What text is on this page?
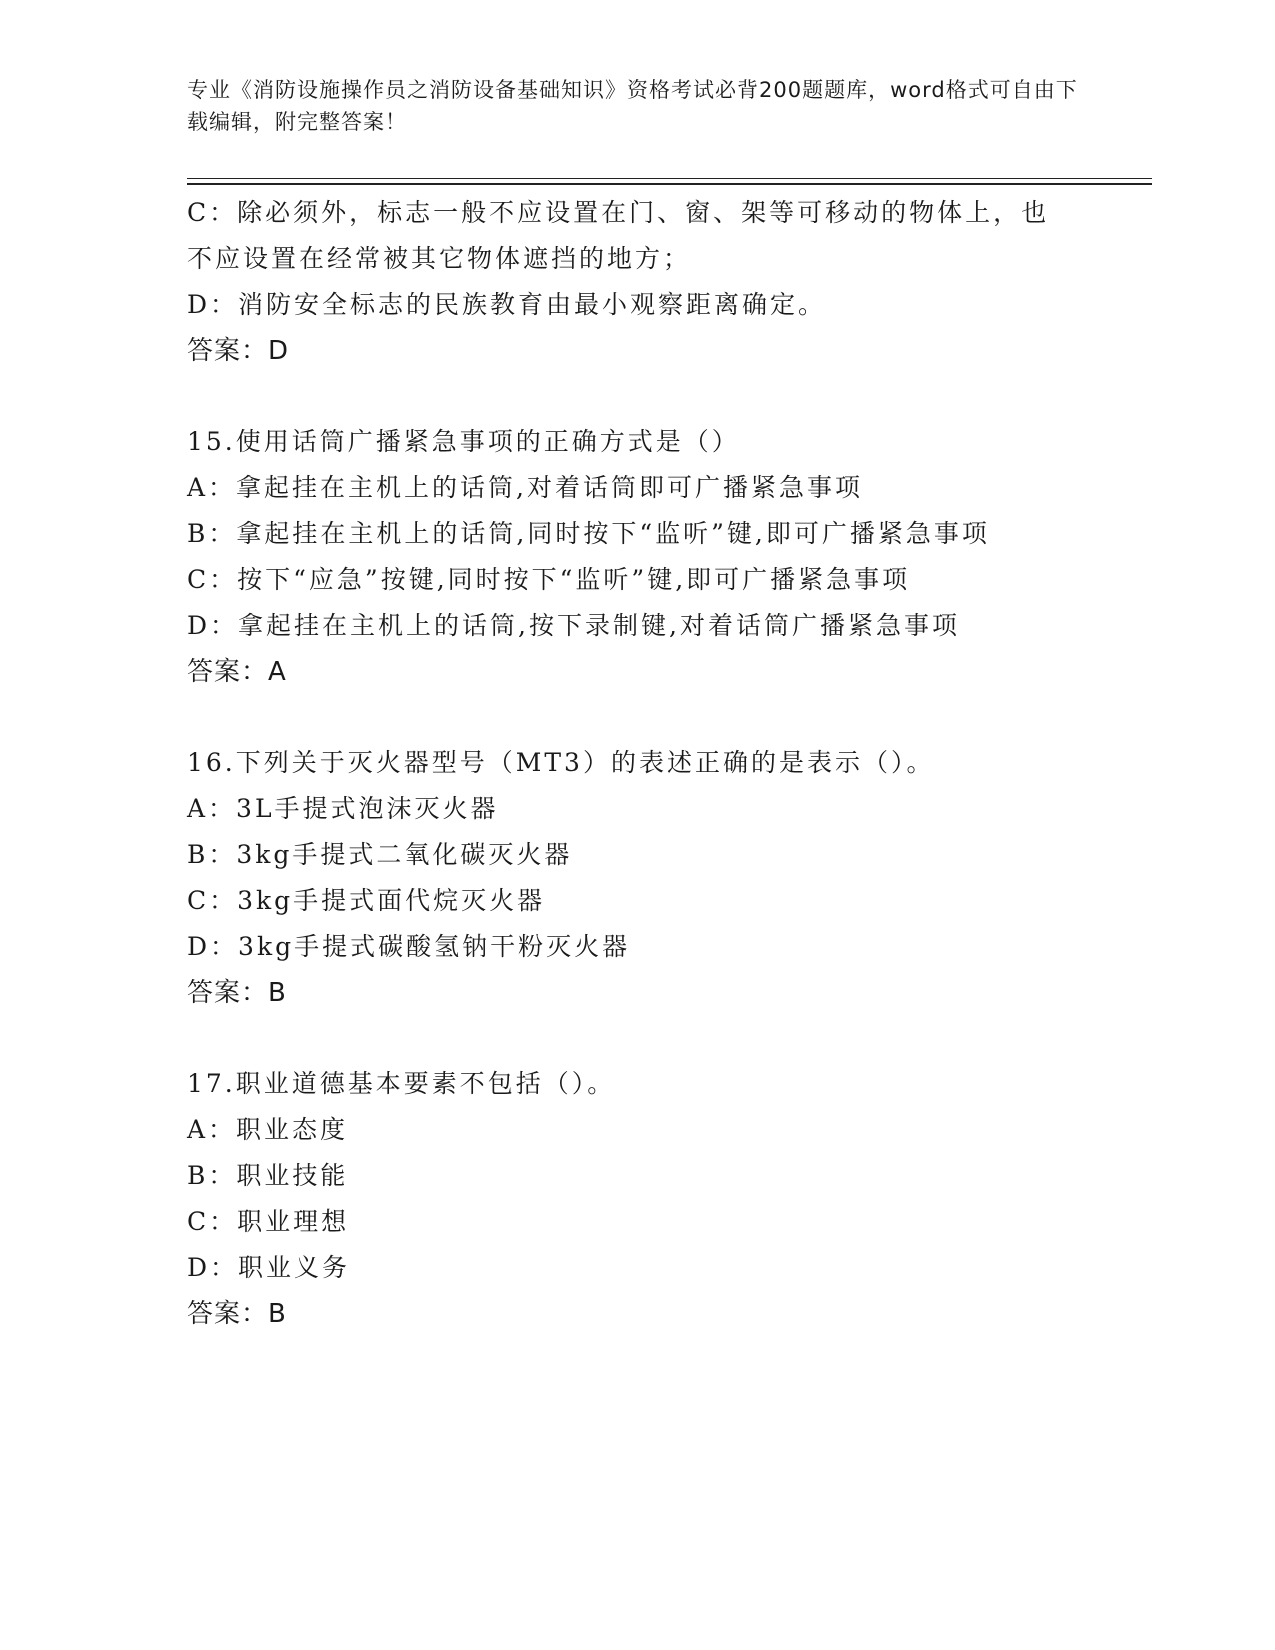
专业《消防设施操作员之消防设备基础知识》资格考试必背200题题库，word格式可自由下载编辑，附完整答案！
C：除必须外，标志一般不应设置在门、窗、架等可移动的物体上，也
不应设置在经常被其它物体遮挡的地方；
D：消防安全标志的民族教育由最小观察距离确定。
答案：D
15.使用话筒广播紧急事项的正确方式是（）
A：拿起挂在主机上的话筒,对着话筒即可广播紧急事项
B：拿起挂在主机上的话筒,同时按下“监听”键,即可广播紧急事项
C：按下“应急”按键,同时按下“监听”键,即可广播紧急事项
D：拿起挂在主机上的话筒,按下录制键,对着话筒广播紧急事项
答案：A
16.下列关于灭火器型号（MT3）的表述正确的是表示（）。
A：3L手提式泡沫灭火器
B：3kg手提式二氧化碳灭火器
C：3kg手提式面代烷灭火器
D：3kg手提式碳酸氢钠干粉灭火器
答案：B
17.职业道德基本要素不包括（）。
A：职业态度
B：职业技能
C：职业理想
D：职业义务
答案：B
